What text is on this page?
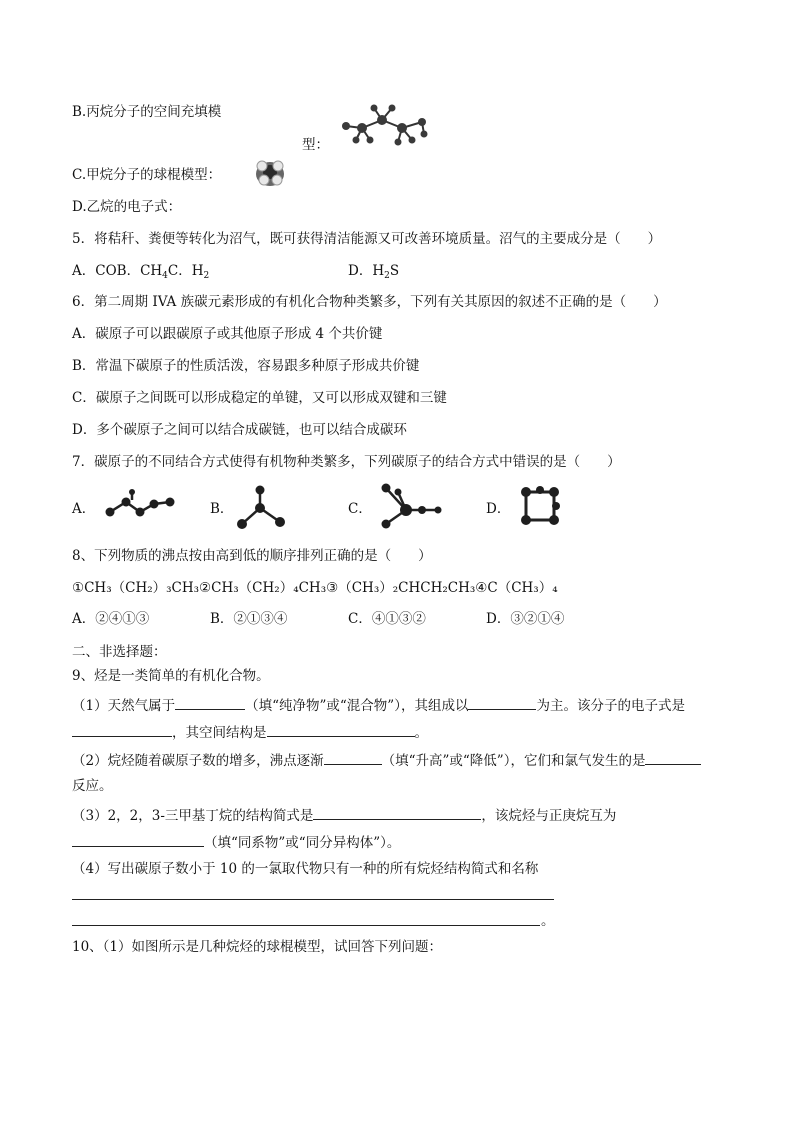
B.丙烷分子的空间充填模
型：
C.甲烷分子的球棍模型：
D.乙烷的电子式：
5．将秸秆、粪便等转化为沼气，既可获得清洁能源又可改善环境质量。沼气的主要成分是（　　）
A．COB．$CH_4C$．$H_2$	D．$H_2S$
6．第二周期 IVA 族碳元素形成的有机化合物种类繁多，下列有关其原因的叙述不正确的是（　　）
A．碳原子可以跟碳原子或其他原子形成 4 个共价键
B．常温下碳原子的性质活泼，容易跟多种原子形成共价键
C．碳原子之间既可以形成稳定的单键，又可以形成双键和三键
D．多个碳原子之间可以结合成碳链，也可以结合成碳环
7．碳原子的不同结合方式使得有机物种类繁多，下列碳原子的结合方式中错误的是（　　）
A．	B．	C．	D．
8、下列物质的沸点按由高到低的顺序排列正确的是（　　）
①CH₃（CH₂）₃CH₃②CH₃（CH₂）₄CH₃③（CH₃）₂CHCH₂CH₃④C（CH₃）₄
A．②④①③	B．②①③④	C．④①③②	D．③②①④
二、非选择题：
9、烃是一类简单的有机化合物。
（1）天然气属于	（填“纯净物”或“混合物”），其组成以	为主。该分子的电子式是
，其空间结构是	。
（2）烷烃随着碳原子数的增多，沸点逐渐	（填“升高”或“降低”），它们和氯气发生的是
反应。
（3）2，2，3-三甲基丁烷的结构简式是	，该烷烃与正庚烷互为
（填“同系物”或“同分异构体”）。
（4）写出碳原子数小于 10 的一氯取代物只有一种的所有烷烃结构简式和名称
。
10、（1）如图所示是几种烷烃的球棍模型，试回答下列问题：
